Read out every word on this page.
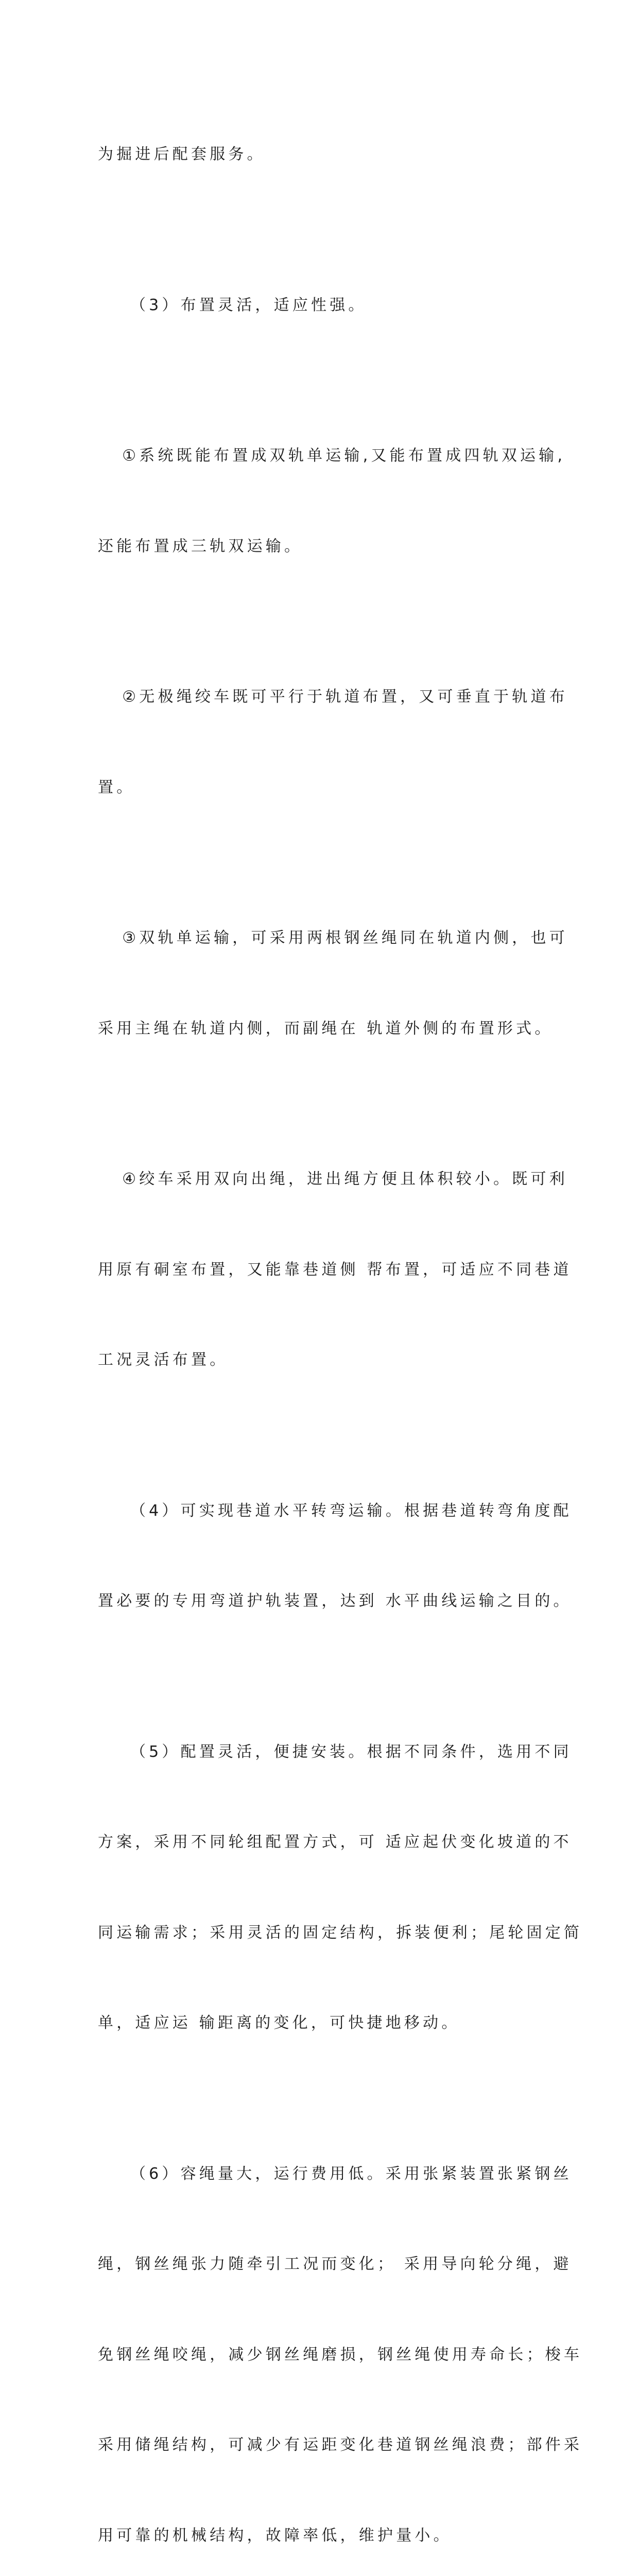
为掘进后配套服务。

（3）布置灵活，适应性强。

①系统既能布置成双轨单运输,又能布置成四轨双运输,

还能布置成三轨双运输。

②无极绳绞车既可平行于轨道布置，又可垂直于轨道布

置。

③双轨单运输，可采用两根钢丝绳同在轨道内侧，也可

采用主绳在轨道内侧，而副绳在 轨道外侧的布置形式。

④绞车采用双向出绳，进出绳方便且体积较小。既可利

用原有硐室布置，又能靠巷道侧 帮布置，可适应不同巷道

工况灵活布置。

（4）可实现巷道水平转弯运输。根据巷道转弯角度配

置必要的专用弯道护轨装置，达到 水平曲线运输之目的。

（5）配置灵活，便捷安装。根据不同条件，选用不同

方案，采用不同轮组配置方式，可 适应起伏变化坡道的不

同运输需求；采用灵活的固定结构，拆装便利；尾轮固定简

单，适应运 输距离的变化，可快捷地移动。

（6）容绳量大，运行费用低。采用张紧装置张紧钢丝

绳，钢丝绳张力随牵引工况而变化； 采用导向轮分绳，避

免钢丝绳咬绳，减少钢丝绳磨损，钢丝绳使用寿命长；梭车

采用储绳结构，可减少有运距变化巷道钢丝绳浪费；部件采

用可靠的机械结构，故障率低，维护量小。
